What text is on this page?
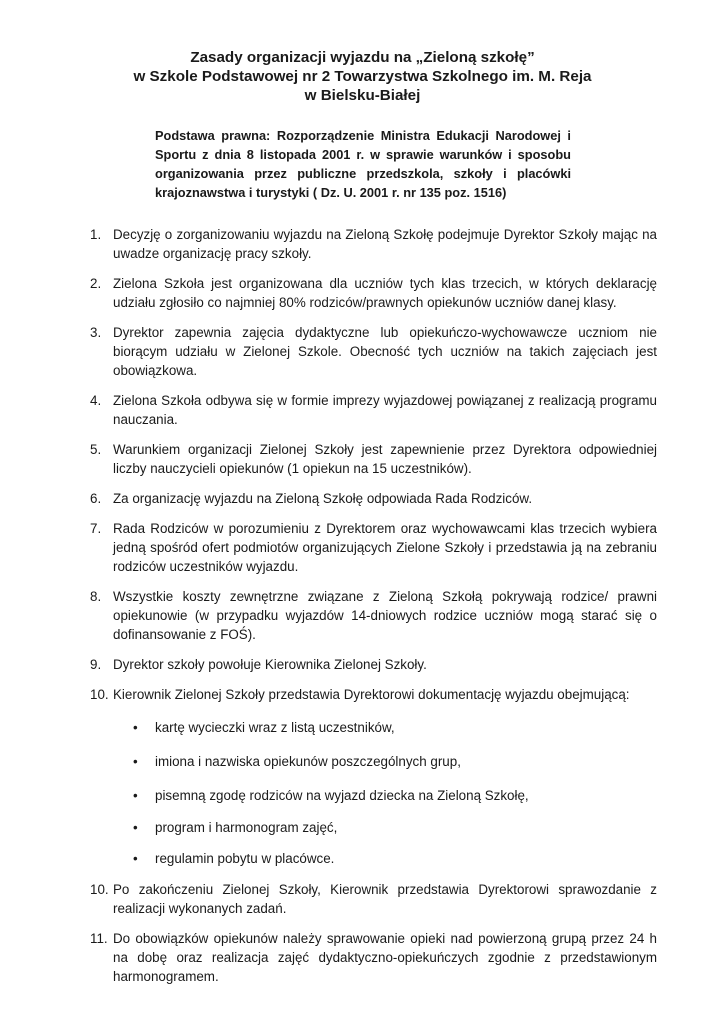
Zasady organizacji wyjazdu na „Zieloną szkołę”
w Szkole Podstawowej nr 2 Towarzystwa Szkolnego im. M. Reja
w Bielsku-Białej
Podstawa prawna: Rozporządzenie Ministra Edukacji Narodowej i Sportu z dnia 8 listopada 2001 r. w sprawie warunków i sposobu organizowania przez publiczne przedszkola, szkoły i placówki krajoznawstwa i turystyki ( Dz. U. 2001 r. nr 135 poz. 1516)
1. Decyzję o zorganizowaniu wyjazdu na Zieloną Szkołę podejmuje Dyrektor Szkoły mając na uwadze organizację pracy szkoły.
2. Zielona Szkoła jest organizowana dla uczniów tych klas trzecich, w których deklarację udziału zgłosiło co najmniej 80% rodziców/prawnych opiekunów uczniów danej klasy.
3. Dyrektor zapewnia zajęcia dydaktyczne lub opiekuńczo-wychowawcze uczniom nie biorącym udziału w Zielonej Szkole. Obecność tych uczniów na takich zajęciach jest obowiązkowa.
4. Zielona Szkoła odbywa się w formie imprezy wyjazdowej powiązanej z realizacją programu nauczania.
5. Warunkiem organizacji Zielonej Szkoły jest zapewnienie przez Dyrektora odpowiedniej liczby nauczycieli opiekunów (1 opiekun na 15 uczestników).
6. Za organizację wyjazdu na Zieloną Szkołę odpowiada Rada Rodziców.
7. Rada Rodziców w porozumieniu z Dyrektorem oraz wychowawcami klas trzecich wybiera jedną spośród ofert podmiotów organizujących Zielone Szkoły i przedstawia ją na zebraniu rodziców uczestników wyjazdu.
8. Wszystkie koszty zewnętrzne związane z Zieloną Szkołą pokrywają rodzice/ prawni opiekunowie (w przypadku wyjazdów 14-dniowych rodzice uczniów mogą starać się o dofinansowanie z FOŚ).
9. Dyrektor szkoły powołuje Kierownika Zielonej Szkoły.
10. Kierownik Zielonej Szkoły przedstawia Dyrektorowi dokumentację wyjazdu obejmującą:
• kartę wycieczki wraz z listą uczestników,
• imiona i nazwiska opiekunów poszczególnych grup,
• pisemną zgodę rodziców na wyjazd dziecka na Zieloną Szkołę,
• program i harmonogram zajęć,
• regulamin pobytu w placówce.
10. Po zakończeniu Zielonej Szkoły, Kierownik przedstawia Dyrektorowi sprawozdanie z realizacji wykonanych zadań.
11. Do obowiązków opiekunów należy sprawowanie opieki nad powierzoną grupą przez 24 h na dobę oraz realizacja zajęć dydaktyczno-opiekuńczych zgodnie z przedstawionym harmonogramem.
